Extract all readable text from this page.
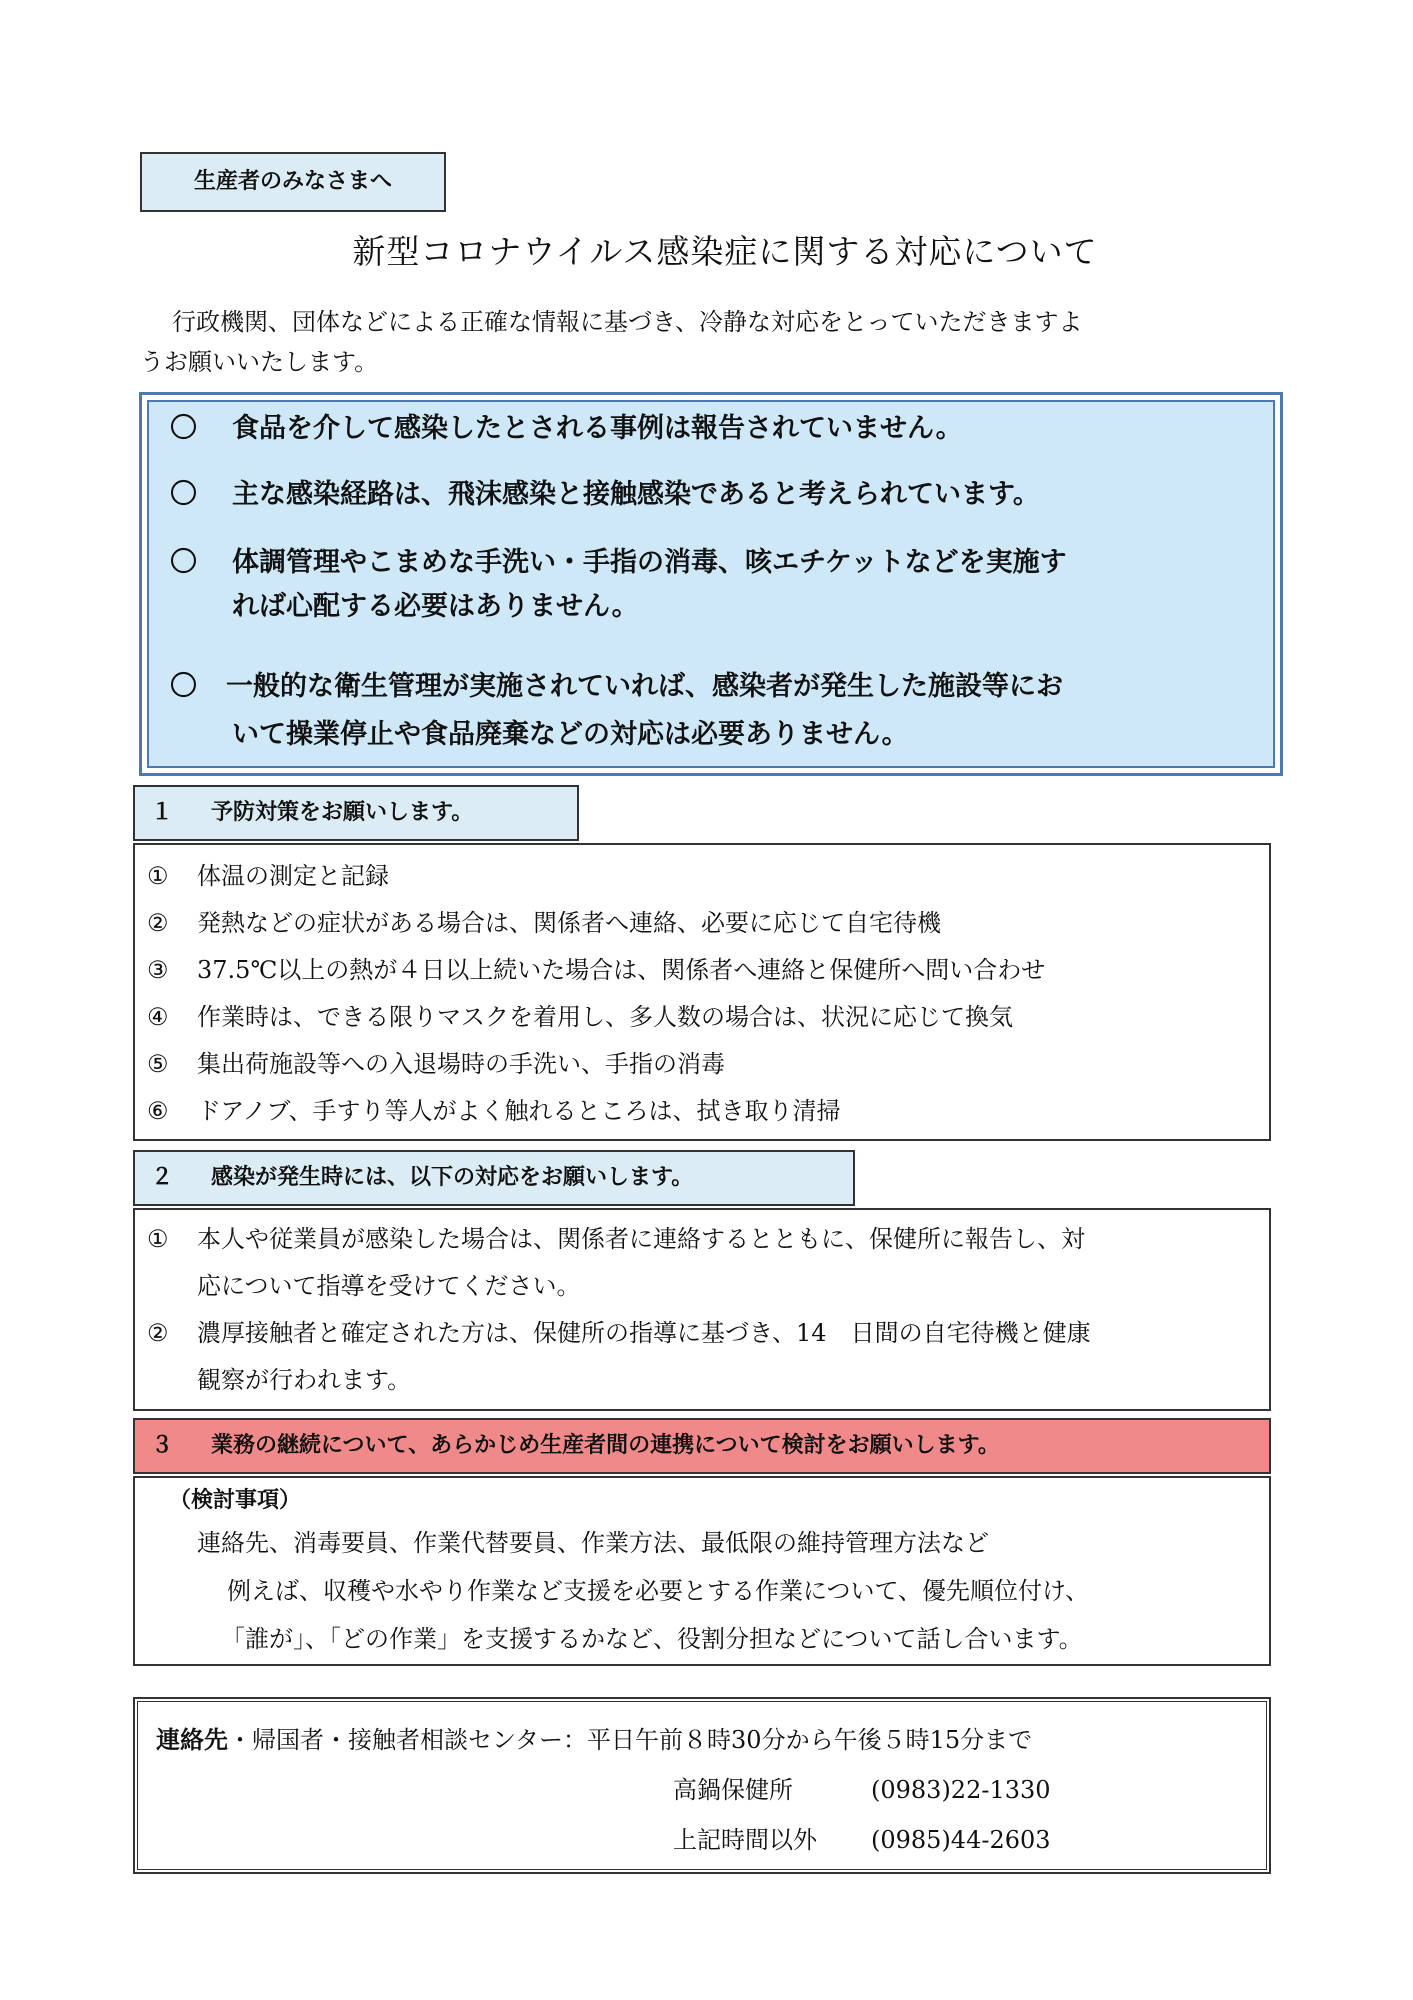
生産者のみなさまへ
新型コロナウイルス感染症に関する対応について
行政機関、団体などによる正確な情報に基づき、冷静な対応をとっていただきますよ
うお願いいたします。
〇 食品を介して感染したとされる事例は報告されていません。
〇 主な感染経路は、飛沫感染と接触感染であると考えられています。
〇 体調管理やこまめな手洗い・手指の消毒、咳エチケットなどを実施す
れば心配する必要はありません。
〇 一般的な衛生管理が実施されていれば、感染者が発生した施設等にお
いて操業停止や食品廃棄などの対応は必要ありません。
１ 予防対策をお願いします。
① 体温の測定と記録
② 発熱などの症状がある場合は、関係者へ連絡、必要に応じて自宅待機
③ 37.5℃以上の熱が４日以上続いた場合は、関係者へ連絡と保健所へ問い合わせ
④ 作業時は、できる限りマスクを着用し、多人数の場合は、状況に応じて換気
⑤ 集出荷施設等への入退場時の手洗い、手指の消毒
⑥ ドアノブ、手すり等人がよく触れるところは、拭き取り清掃
２ 感染が発生時には、以下の対応をお願いします。
① 本人や従業員が感染した場合は、関係者に連絡するとともに、保健所に報告し、対
応について指導を受けてください。
② 濃厚接触者と確定された方は、保健所の指導に基づき、14　日間の自宅待機と健康
観察が行われます。
３ 業務の継続について、あらかじめ生産者間の連携について検討をお願いします。
（検討事項）
連絡先、消毒要員、作業代替要員、作業方法、最低限の維持管理方法など
例えば、収穫や水やり作業など支援を必要とする作業について、優先順位付け、
「誰が」、「どの作業」を支援するかなど、役割分担などについて話し合います。
連絡先・帰国者・接触者相談センター：平日午前８時30分から午後５時15分まで
高鍋保健所	(0983)22-1330
上記時間以外 (0985)44-2603
